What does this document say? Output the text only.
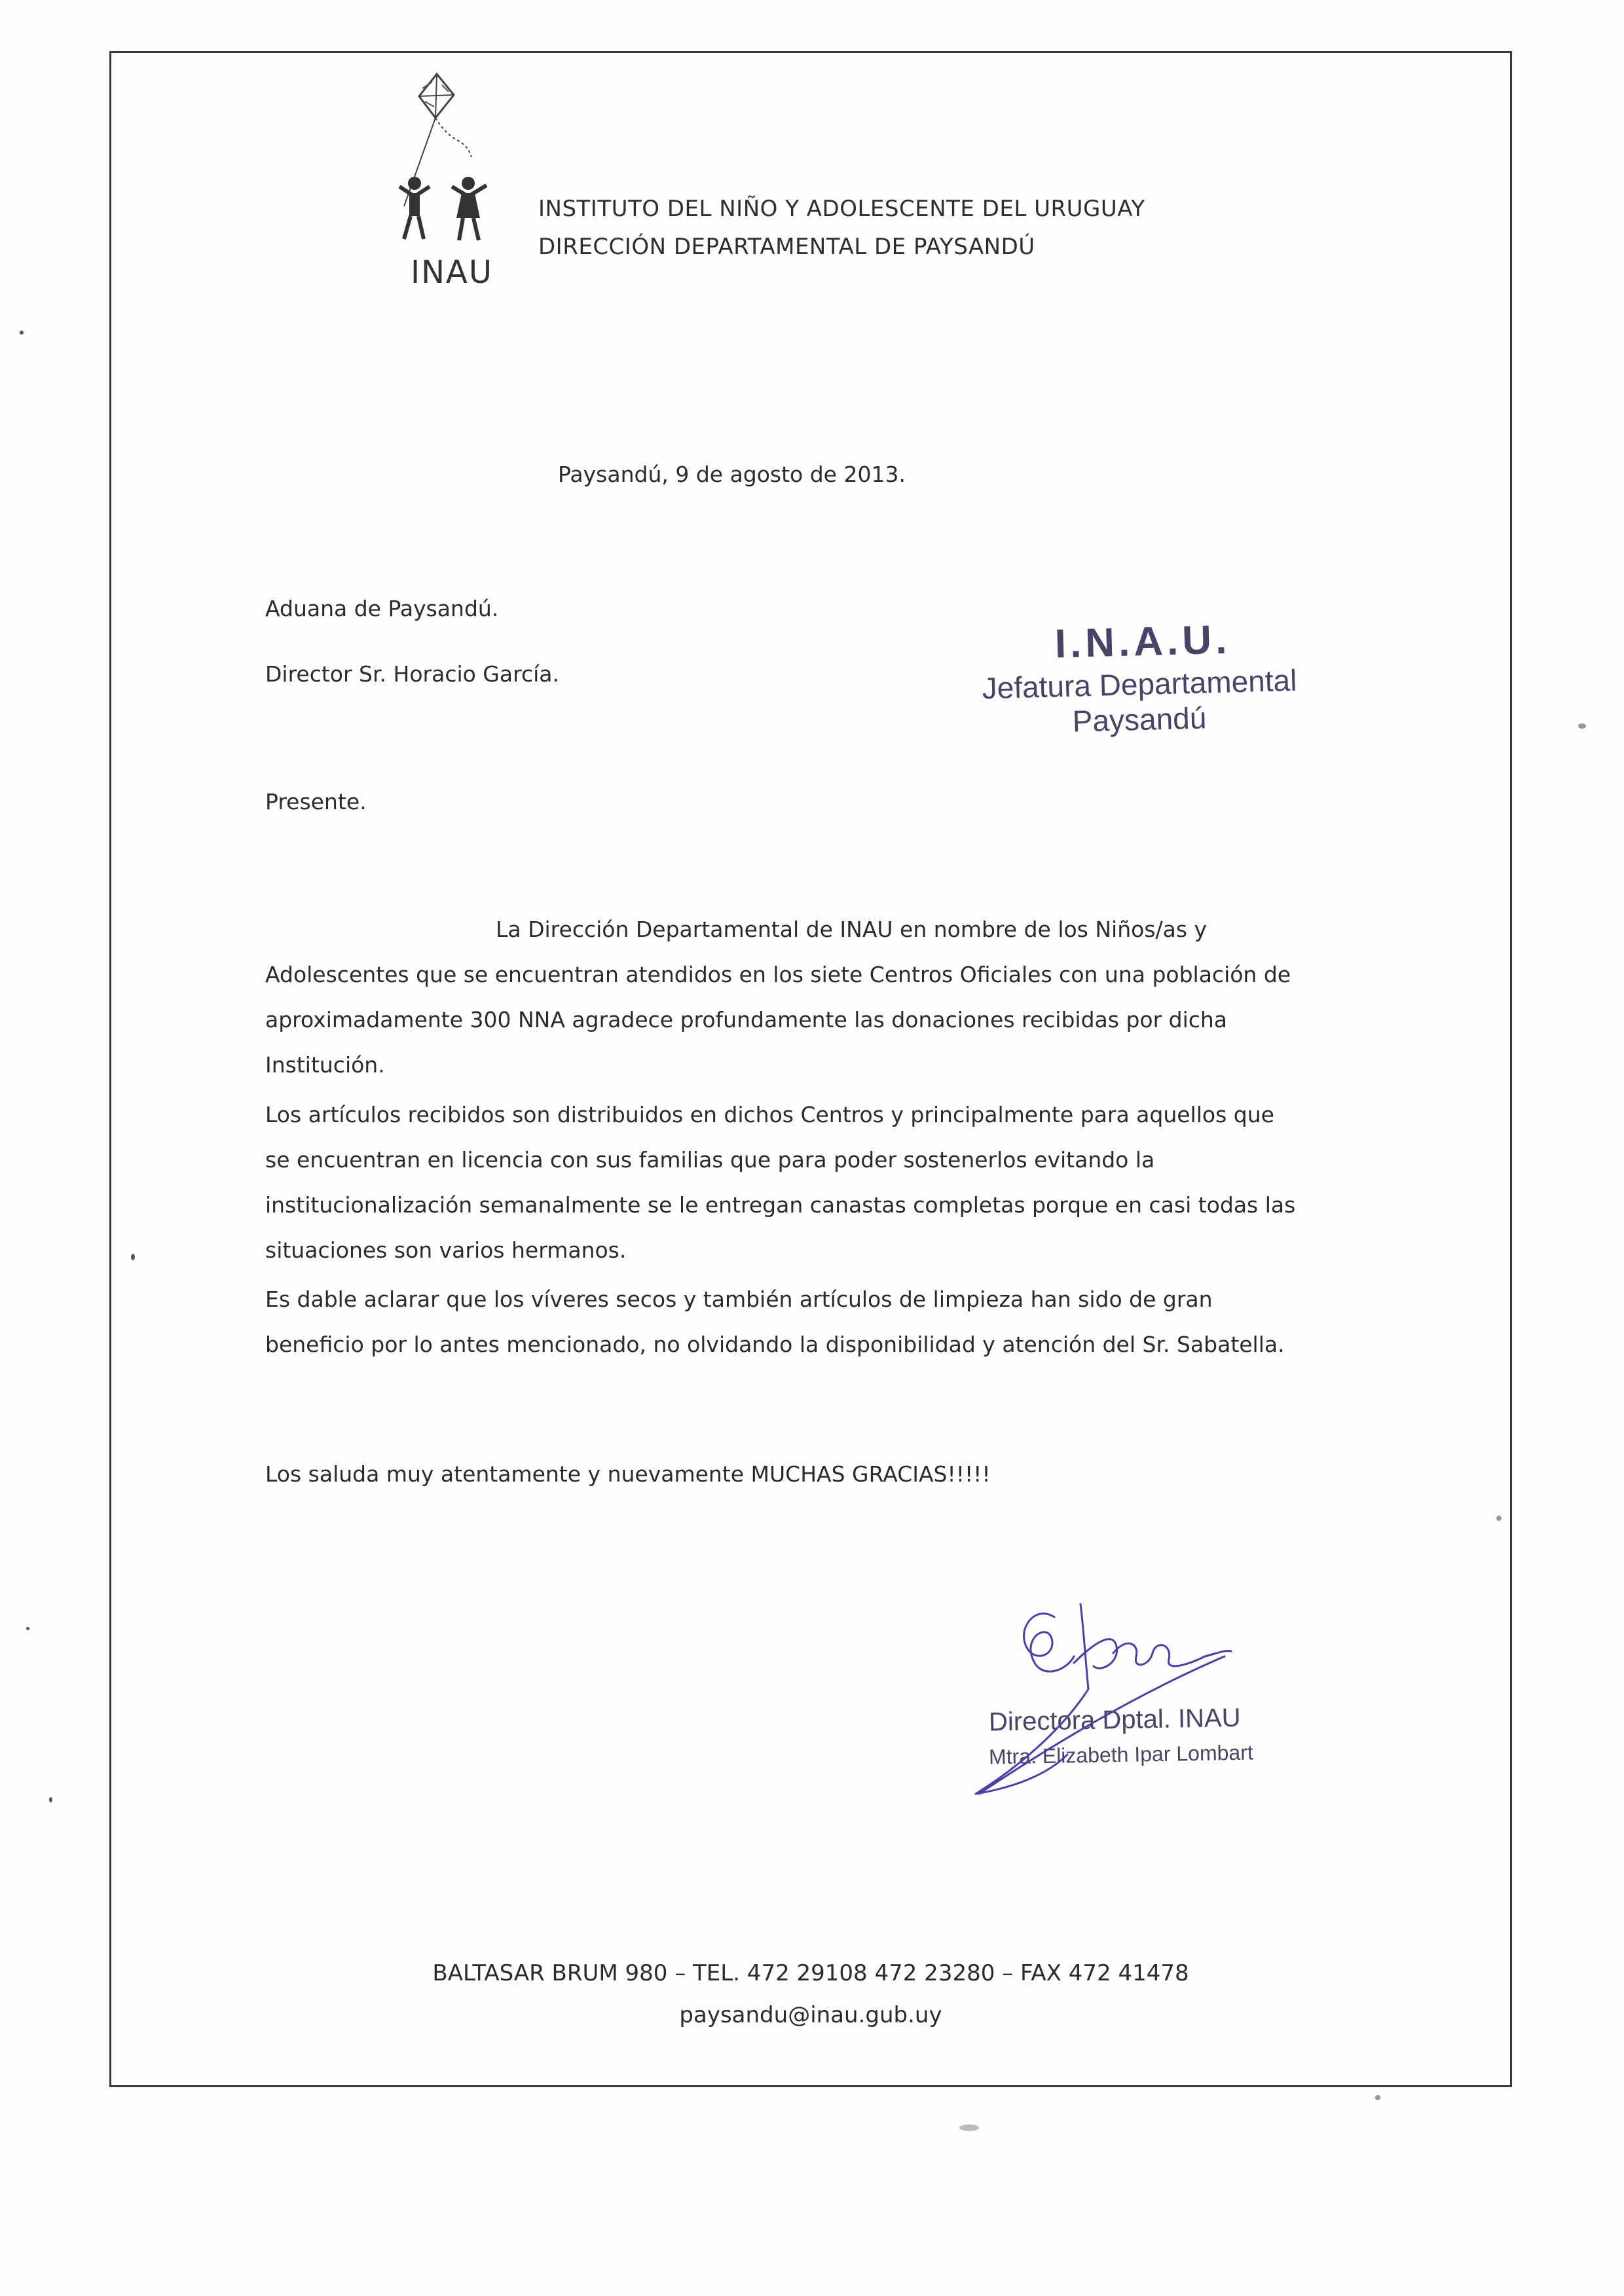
INAU
INSTITUTO DEL NIÑO Y ADOLESCENTE DEL URUGUAY
DIRECCIÓN DEPARTAMENTAL DE PAYSANDÚ
Paysandú, 9 de agosto de 2013.
Aduana de Paysandú.
Director Sr. Horacio García.
I.N.A.U.
Jefatura Departamental
Paysandú
Presente.
La Dirección Departamental de INAU en nombre de los Niños/as y
Adolescentes que se encuentran atendidos en los siete Centros Oficiales con una población de
aproximadamente 300 NNA agradece profundamente las donaciones recibidas por dicha
Institución.
Los artículos recibidos son distribuidos en dichos Centros y principalmente para aquellos que
se encuentran en licencia con sus familias que para poder sostenerlos evitando la
institucionalización semanalmente se le entregan canastas completas porque en casi todas las
situaciones son varios hermanos.
Es dable aclarar que los víveres secos y también artículos de limpieza han sido de gran
beneficio por lo antes mencionado, no olvidando la disponibilidad y atención del Sr. Sabatella.
Los saluda muy atentamente y nuevamente MUCHAS GRACIAS!!!!!
Directora Dptal. INAU
Mtra. Elizabeth Ipar Lombart
BALTASAR BRUM 980 – TEL. 472 29108 472 23280 – FAX 472 41478
paysandu@inau.gub.uy
